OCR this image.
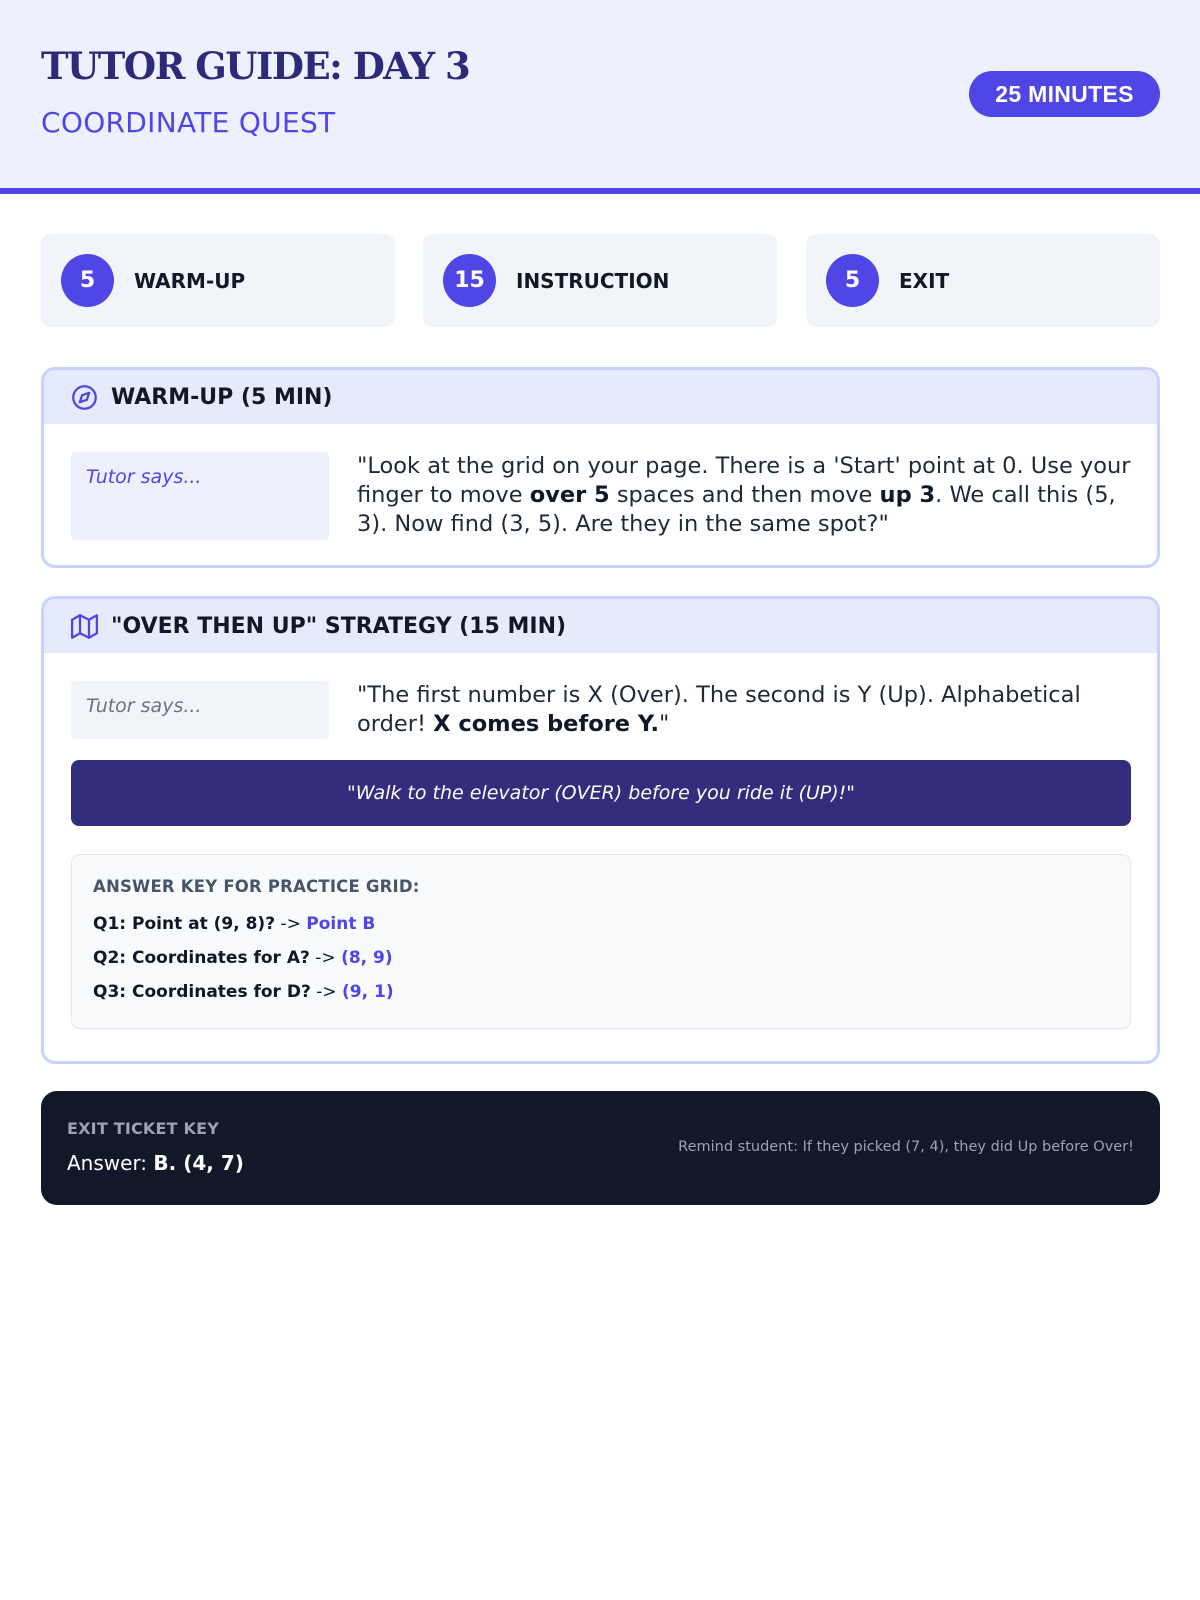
TUTOR GUIDE: DAY 3
COORDINATE QUEST
25 MINUTES
5	WARM-UP	15	INSTRUCTION	5	EXIT
WARM-UP (5 MIN)
Tutor says...	"Look at the grid on your page. There is a 'Start' point at 0. Use your finger to move over 5 spaces and then move up 3. We call this (5, 3). Now find (3, 5). Are they in the same spot?"
"OVER THEN UP" STRATEGY (15 MIN)
Tutor says...	"The first number is X (Over). The second is Y (Up). Alphabetical order! X comes before Y."
"Walk to the elevator (OVER) before you ride it (UP)!"
ANSWER KEY FOR PRACTICE GRID:
Q1: Point at (9, 8)? -> Point B
Q2: Coordinates for A? -> (8, 9)
Q3: Coordinates for D? -> (9, 1)
EXIT TICKET KEY
Answer: B. (4, 7)
Remind student: If they picked (7, 4), they did Up before Over!
